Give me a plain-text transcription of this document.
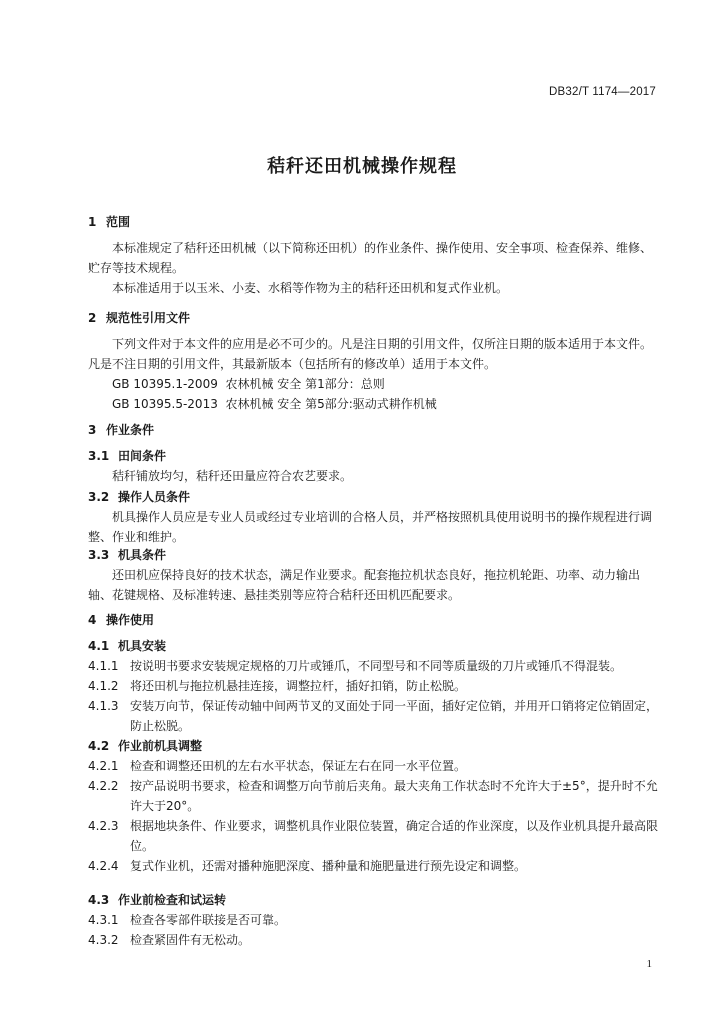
DB32/T 1174—2017
秸秆还田机械操作规程
1 范围

本标准规定了秸秆还田机械（以下简称还田机）的作业条件、操作使用、安全事项、检查保养、维修、贮存等技术规程。

本标准适用于以玉米、小麦、水稻等作物为主的秸秆还田机和复式作业机。

2 规范性引用文件

下列文件对于本文件的应用是必不可少的。凡是注日期的引用文件，仅所注日期的版本适用于本文件。凡是不注日期的引用文件，其最新版本（包括所有的修改单）适用于本文件。

GB 10395.1-2009  农林机械 安全 第1部分：总则

GB 10395.5-2013  农林机械 安全 第5部分:驱动式耕作机械

3 作业条件
3.1 田间条件

秸秆铺放均匀，秸秆还田量应符合农艺要求。

3.2 操作人员条件

机具操作人员应是专业人员或经过专业培训的合格人员，并严格按照机具使用说明书的操作规程进行调整、作业和维护。

3.3 机具条件

还田机应保持良好的技术状态，满足作业要求。配套拖拉机状态良好，拖拉机轮距、功率、动力输出轴、花键规格、及标准转速、悬挂类别等应符合秸秆还田机匹配要求。

4 操作使用
4.1 机具安装
4.1.1 按说明书要求安装规定规格的刀片或锤爪，不同型号和不同等质量级的刀片或锤爪不得混装。
4.1.2 将还田机与拖拉机悬挂连接，调整拉杆，插好扣销，防止松脱。
4.1.3 安装万向节，保证传动轴中间两节叉的叉面处于同一平面，插好定位销，并用开口销将定位销固定，防止松脱。
4.2 作业前机具调整
4.2.1 检查和调整还田机的左右水平状态，保证左右在同一水平位置。
4.2.2 按产品说明书要求，检查和调整万向节前后夹角。最大夹角工作状态时不允许大于±5°，提升时不允许大于20°。
4.2.3 根据地块条件、作业要求，调整机具作业限位装置，确定合适的作业深度，以及作业机具提升最高限位。
4.2.4 复式作业机，还需对播种施肥深度、播种量和施肥量进行预先设定和调整。
4.3 作业前检查和试运转
4.3.1 检查各零部件联接是否可靠。
4.3.2 检查紧固件有无松动。
1
